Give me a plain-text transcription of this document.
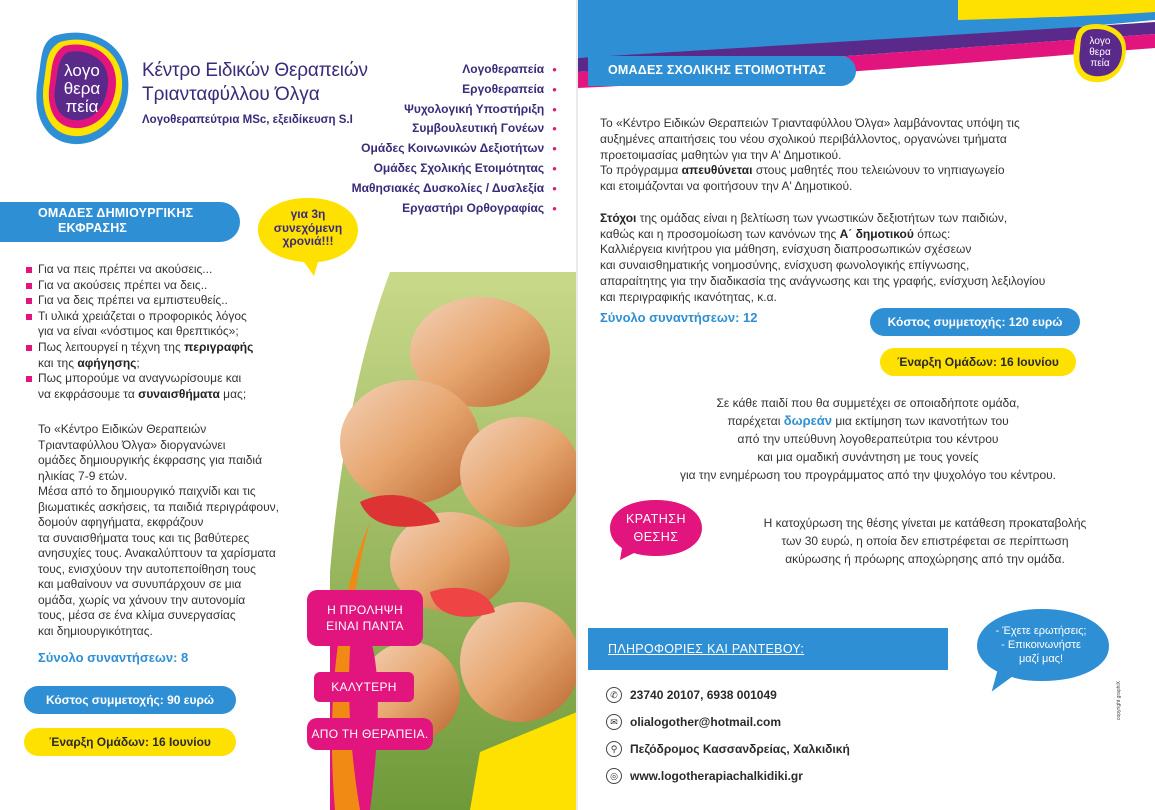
λογο
θερα
πεία
Κέντρο Ειδικών Θεραπειών
Τριανταφύλλου Όλγα
Λογοθεραπεύτρια MSc, εξειδίκευση S.I
Λογοθεραπεία ●
Εργοθεραπεία ●
Ψυχολογική Υποστήριξη ●
Συμβουλευτική Γονέων ●
Ομάδες Κοινωνικών Δεξιοτήτων ●
Ομάδες Σχολικής Ετοιμότητας ●
Μαθησιακές Δυσκολίες / Δυσλεξία ●
Εργαστήρι Ορθογραφίας ●
ΟΜΑΔΕΣ ΔΗΜΙΟΥΡΓΙΚΗΣ
ΕΚΦΡΑΣΗΣ
για 3η
συνεχόμενη
χρονιά!!!
Για να πεις πρέπει να ακούσεις...
Για να ακούσεις πρέπει να δεις..
Για να δεις πρέπει να εμπιστευθείς..
Τι υλικά χρειάζεται ο προφορικός λόγος
για να είναι «νόστιμος και θρεπτικός»;
Πως λειτουργεί η τέχνη της περιγραφής
και της αφήγησης;
Πως μπορούμε να αναγνωρίσουμε και
να εκφράσουμε τα συναισθήματα μας;

Το «Κέντρο Ειδικών Θεραπειών

Τριανταφύλλου Όλγα» διοργανώνει

ομάδες δημιουργικής έκφρασης για παιδιά

ηλικίας 7-9 ετών.

Μέσα από το δημιουργικό παιχνίδι και τις

βιωματικές ασκήσεις, τα παιδιά περιγράφουν,

δομούν αφηγήματα, εκφράζουν

τα συναισθήματα τους και τις βαθύτερες

ανησυχίες τους. Ανακαλύπτουν τα χαρίσματα

τους, ενισχύουν την αυτοπεποίθηση τους

και μαθαίνουν να συνυπάρχουν σε μια

ομάδα, χωρίς να χάνουν την αυτονομία

τους, μέσα σε ένα κλίμα συνεργασίας

και δημιουργικότητας.

Σύνολο συναντήσεων: 8
Κόστος συμμετοχής: 90 ευρώ
Έναρξη Ομάδων: 16 Ιουνίου
Η ΠΡΟΛΗΨΗ
ΕΙΝΑΙ ΠΑΝΤΑ
ΚΑΛΥΤΕΡΗ
ΑΠΟ ΤΗ ΘΕΡΑΠΕΙΑ.
λογο
θερα
πεία
ΟΜΑΔΕΣ ΣΧΟΛΙΚΗΣ ΕΤΟΙΜΟΤΗΤΑΣ
Το «Κέντρο Ειδικών Θεραπειών Τριανταφύλλου Όλγα» λαμβάνοντας υπόψη τις
αυξημένες απαιτήσεις του νέου σχολικού περιβάλλοντος, οργανώνει τμήματα
προετοιμασίας μαθητών για την Α' Δημοτικού.
Το πρόγραμμα απευθύνεται στους μαθητές που τελειώνουν το νηπιαγωγείο
και ετοιμάζονται να φοιτήσουν την Α' Δημοτικού.
Στόχοι της ομάδας είναι η βελτίωση των γνωστικών δεξιοτήτων των παιδιών,
καθώς και η προσομοίωση των κανόνων της Α΄ δημοτικού όπως:
Καλλιέργεια κινήτρου για μάθηση, ενίσχυση διαπροσωπικών σχέσεων
και συναισθηματικής νοημοσύνης, ενίσχυση φωνολογικής επίγνωσης,
απαραίτητης για την διαδικασία της ανάγνωσης και της γραφής, ενίσχυση λεξιλογίου
και περιγραφικής ικανότητας, κ.α.
Σύνολο συναντήσεων: 12	Κόστος συμμετοχής: 120 ευρώ
Έναρξη Ομάδων: 16 Ιουνίου
Σε κάθε παιδί που θα συμμετέχει σε οποιαδήποτε ομάδα,
παρέχεται δωρεάν μια εκτίμηση των ικανοτήτων του
από την υπεύθυνη λογοθεραπεύτρια του κέντρου
και μια ομαδική συνάντηση με τους γονείς
για την ενημέρωση του προγράμματος από την ψυχολόγο του κέντρου.
ΚΡΑΤΗΣΗ
ΘΕΣΗΣ
Η κατοχύρωση της θέσης γίνεται με κατάθεση προκαταβολής
των 30 ευρώ, η οποία δεν επιστρέφεται σε περίπτωση
ακύρωσης ή πρόωρης αποχώρησης από την ομάδα.
ΠΛΗΡΟΦΟΡΙΕΣ ΚΑΙ ΡΑΝΤΕΒΟΥ:
- Έχετε ερωτήσεις;
- Επικοινωνήστε
μαζί μας!
✆	23740 20107, 6938 001049
✉	olialogother@hotmail.com
⚲	Πεζόδρομος Κασσανδρείας, Χαλκιδική
◎	www.logotherapiachalkidiki.gr
copyright graphiX
